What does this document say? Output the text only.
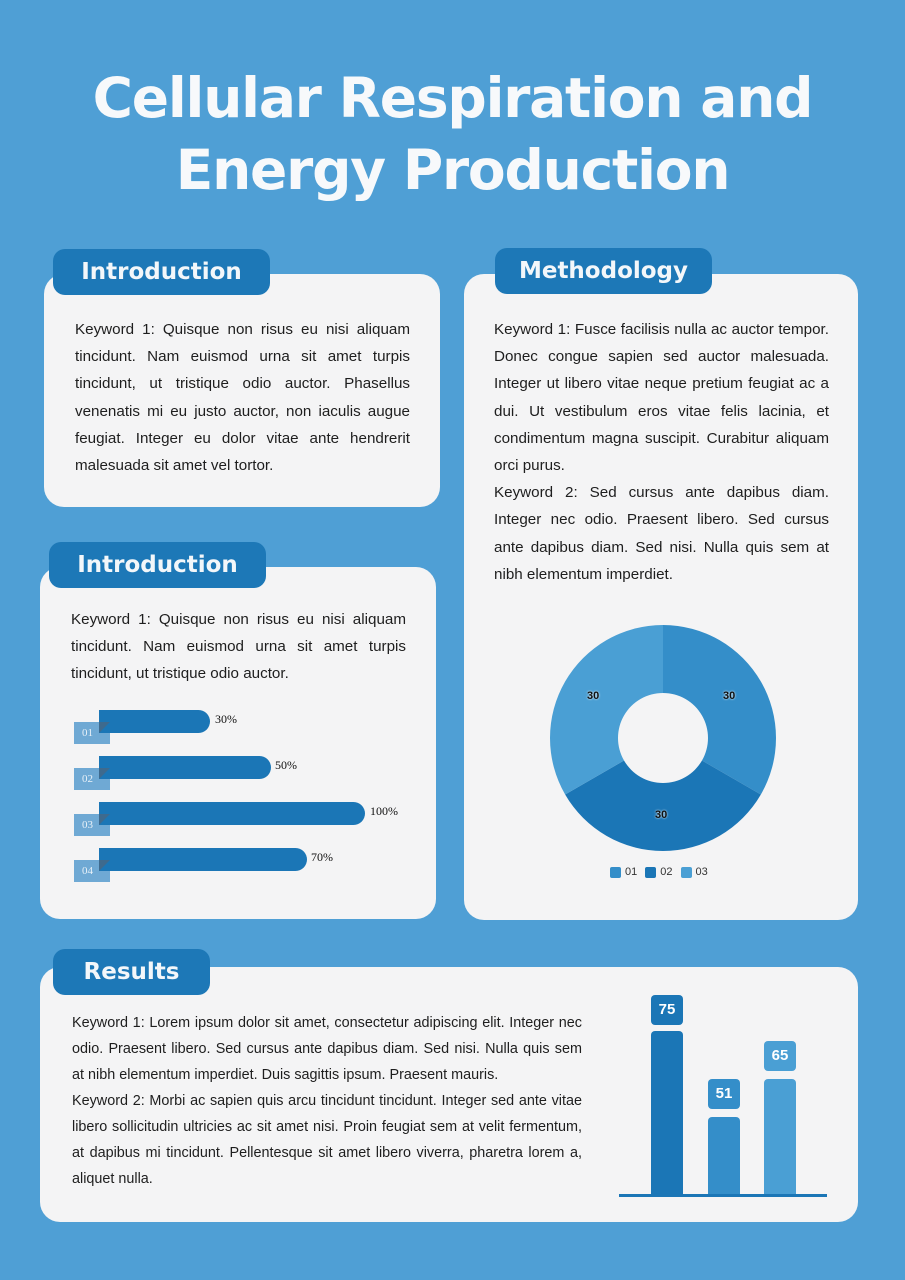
Cellular Respiration and
Energy Production
Introduction
Keyword 1: Quisque non risus eu nisi aliquam tincidunt. Nam euismod urna sit amet turpis tincidunt, ut tristique odio auctor. Phasellus venenatis mi eu justo auctor, non iaculis augue feugiat. Integer eu dolor vitae ante hendrerit malesuada sit amet vel tortor.
Introduction
Keyword 1: Quisque non risus eu nisi aliquam tincidunt. Nam euismod urna sit amet turpis tincidunt, ut tristique odio auctor.
01
30%
02
50%
03
100%
04
70%
Methodology

Keyword 1: Fusce facilisis nulla ac auctor tempor. Donec congue sapien sed auctor malesuada. Integer ut libero vitae neque pretium feugiat ac a dui. Ut vestibulum eros vitae felis lacinia, et condimentum magna suscipit. Curabitur aliquam orci purus.

Keyword 2: Sed cursus ante dapibus diam. Integer nec odio. Praesent libero. Sed cursus ante dapibus diam. Sed nisi. Nulla quis sem at nibh elementum imperdiet.

30
30
30
01	02	03
Results

Keyword 1: Lorem ipsum dolor sit amet, consectetur adipiscing elit. Integer nec odio. Praesent libero. Sed cursus ante dapibus diam. Sed nisi. Nulla quis sem at nibh elementum imperdiet. Duis sagittis ipsum. Praesent mauris.

Keyword 2: Morbi ac sapien quis arcu tincidunt tincidunt. Integer sed ante vitae libero sollicitudin ultricies ac sit amet nisi. Proin feugiat sem at velit fermentum, at dapibus mi tincidunt. Pellentesque sit amet libero viverra, pharetra lorem a, aliquet nulla.

75
51
65
